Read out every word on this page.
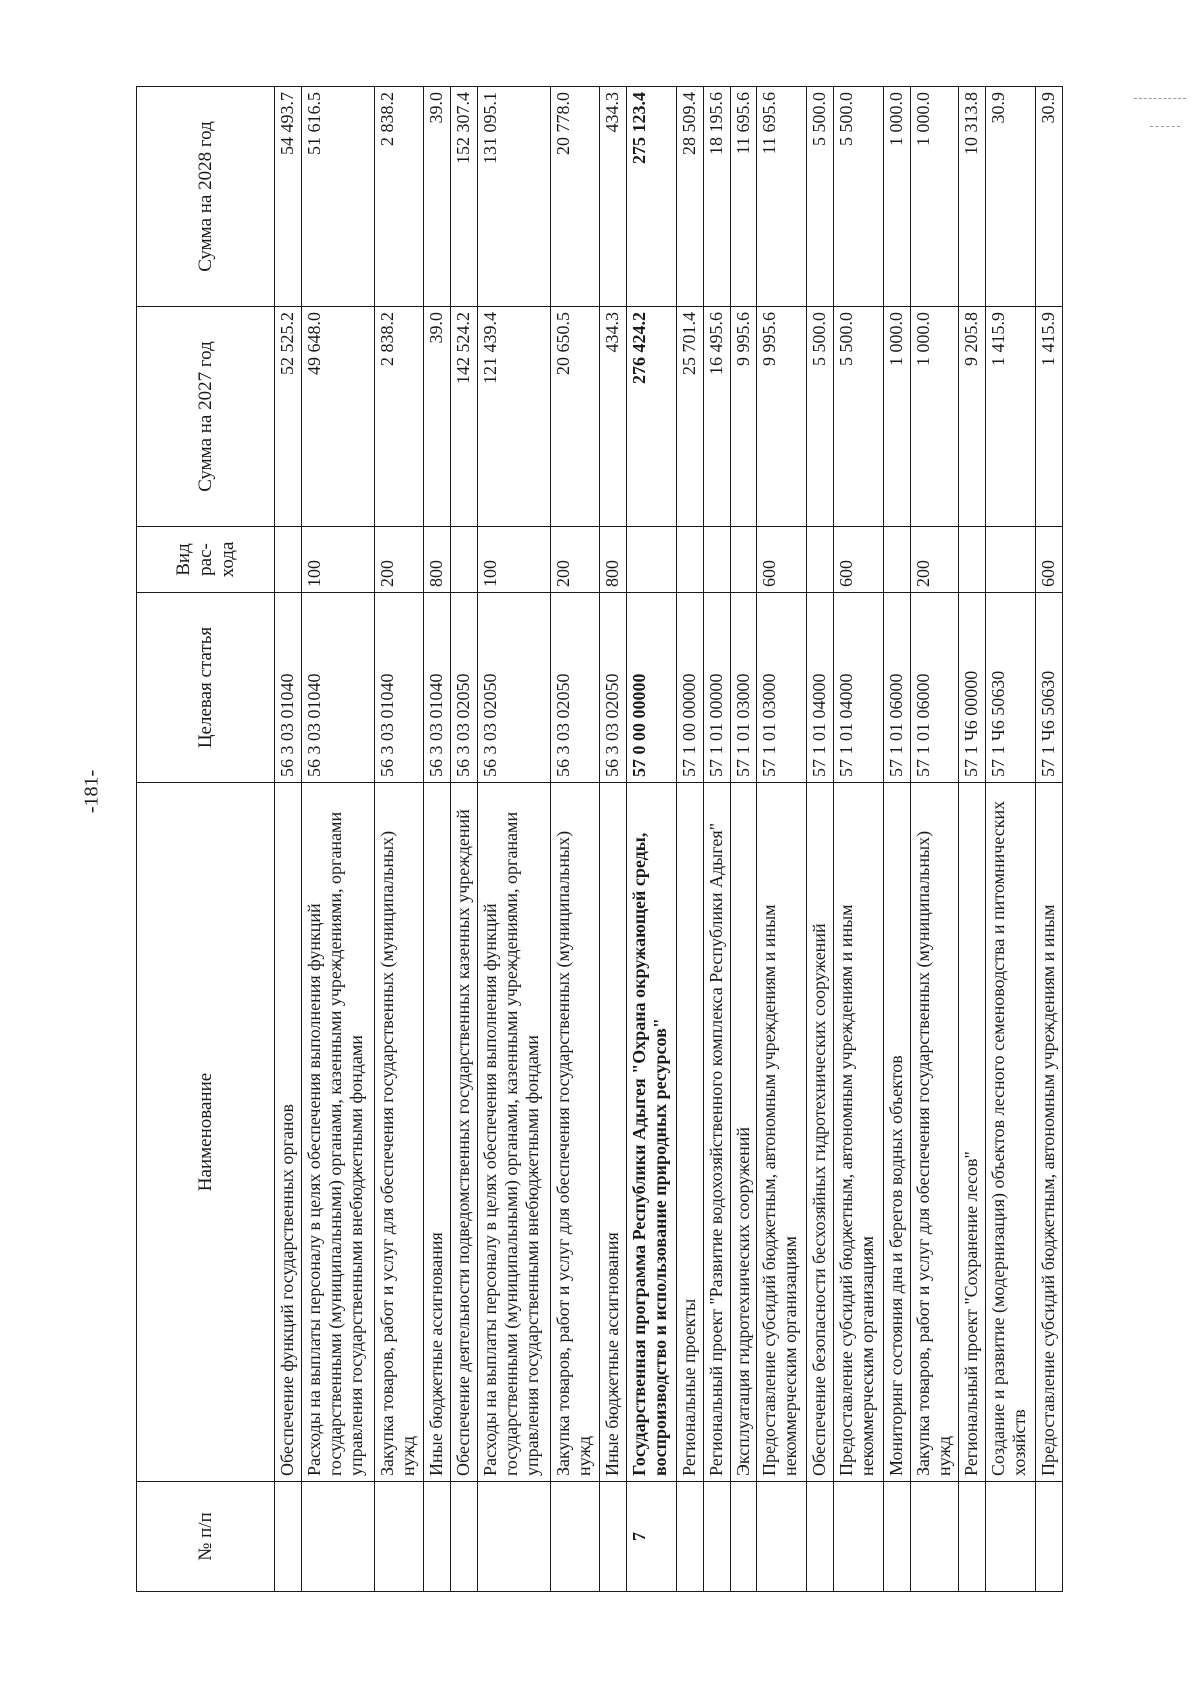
-181-
№ п/п	Наименование	Целевая статья	Вид рас- хода	Сумма на 2027 год	Сумма на 2028 год
	Обеспечение функций государственных органов	56 3 03 01040		52 525.2	54 493.7
	Расходы на выплаты персоналу в целях обеспечения выполнения функций государственными (муниципальными) органами, казенными учреждениями, органами управления государственными внебюджетными фондами	56 3 03 01040	100	49 648.0	51 616.5
	Закупка товаров, работ и услуг для обеспечения государственных (муниципальных) нужд	56 3 03 01040	200	2 838.2	2 838.2
	Иные бюджетные ассигнования	56 3 03 01040	800	39.0	39.0
	Обеспечение деятельности подведомственных государственных казенных учреждений	56 3 03 02050		142 524.2	152 307.4
	Расходы на выплаты персоналу в целях обеспечения выполнения функций государственными (муниципальными) органами, казенными учреждениями, органами управления государственными внебюджетными фондами	56 3 03 02050	100	121 439.4	131 095.1
	Закупка товаров, работ и услуг для обеспечения государственных (муниципальных) нужд	56 3 03 02050	200	20 650.5	20 778.0
	Иные бюджетные ассигнования	56 3 03 02050	800	434.3	434.3
7	Государственная программа Республики Адыгея "Охрана окружающей среды, воспроизводство и использование природных ресурсов"	57 0 00 00000		276 424.2	275 123.4
	Региональные проекты	57 1 00 00000		25 701.4	28 509.4
	Региональный проект "Развитие водохозяйственного комплекса Республики Адыгея"	57 1 01 00000		16 495.6	18 195.6
	Эксплуатация гидротехнических сооружений	57 1 01 03000		9 995.6	11 695.6
	Предоставление субсидий бюджетным, автономным учреждениям и иным некоммерческим организациям	57 1 01 03000	600	9 995.6	11 695.6
	Обеспечение безопасности бесхозяйных гидротехнических сооружений	57 1 01 04000		5 500.0	5 500.0
	Предоставление субсидий бюджетным, автономным учреждениям и иным некоммерческим организациям	57 1 01 04000	600	5 500.0	5 500.0
	Мониторинг состояния дна и берегов водных объектов	57 1 01 06000		1 000.0	1 000.0
	Закупка товаров, работ и услуг для обеспечения государственных (муниципальных) нужд	57 1 01 06000	200	1 000.0	1 000.0
	Региональный проект "Сохранение лесов"	57 1 Ч6 00000		9 205.8	10 313.8
	Создание и развитие (модернизация) объектов лесного семеноводства и питомнических хозяйств	57 1 Ч6 50630		1 415.9	30.9
	Предоставление субсидий бюджетным, автономным учреждениям и иным	57 1 Ч6 50630	600	1 415.9	30.9
